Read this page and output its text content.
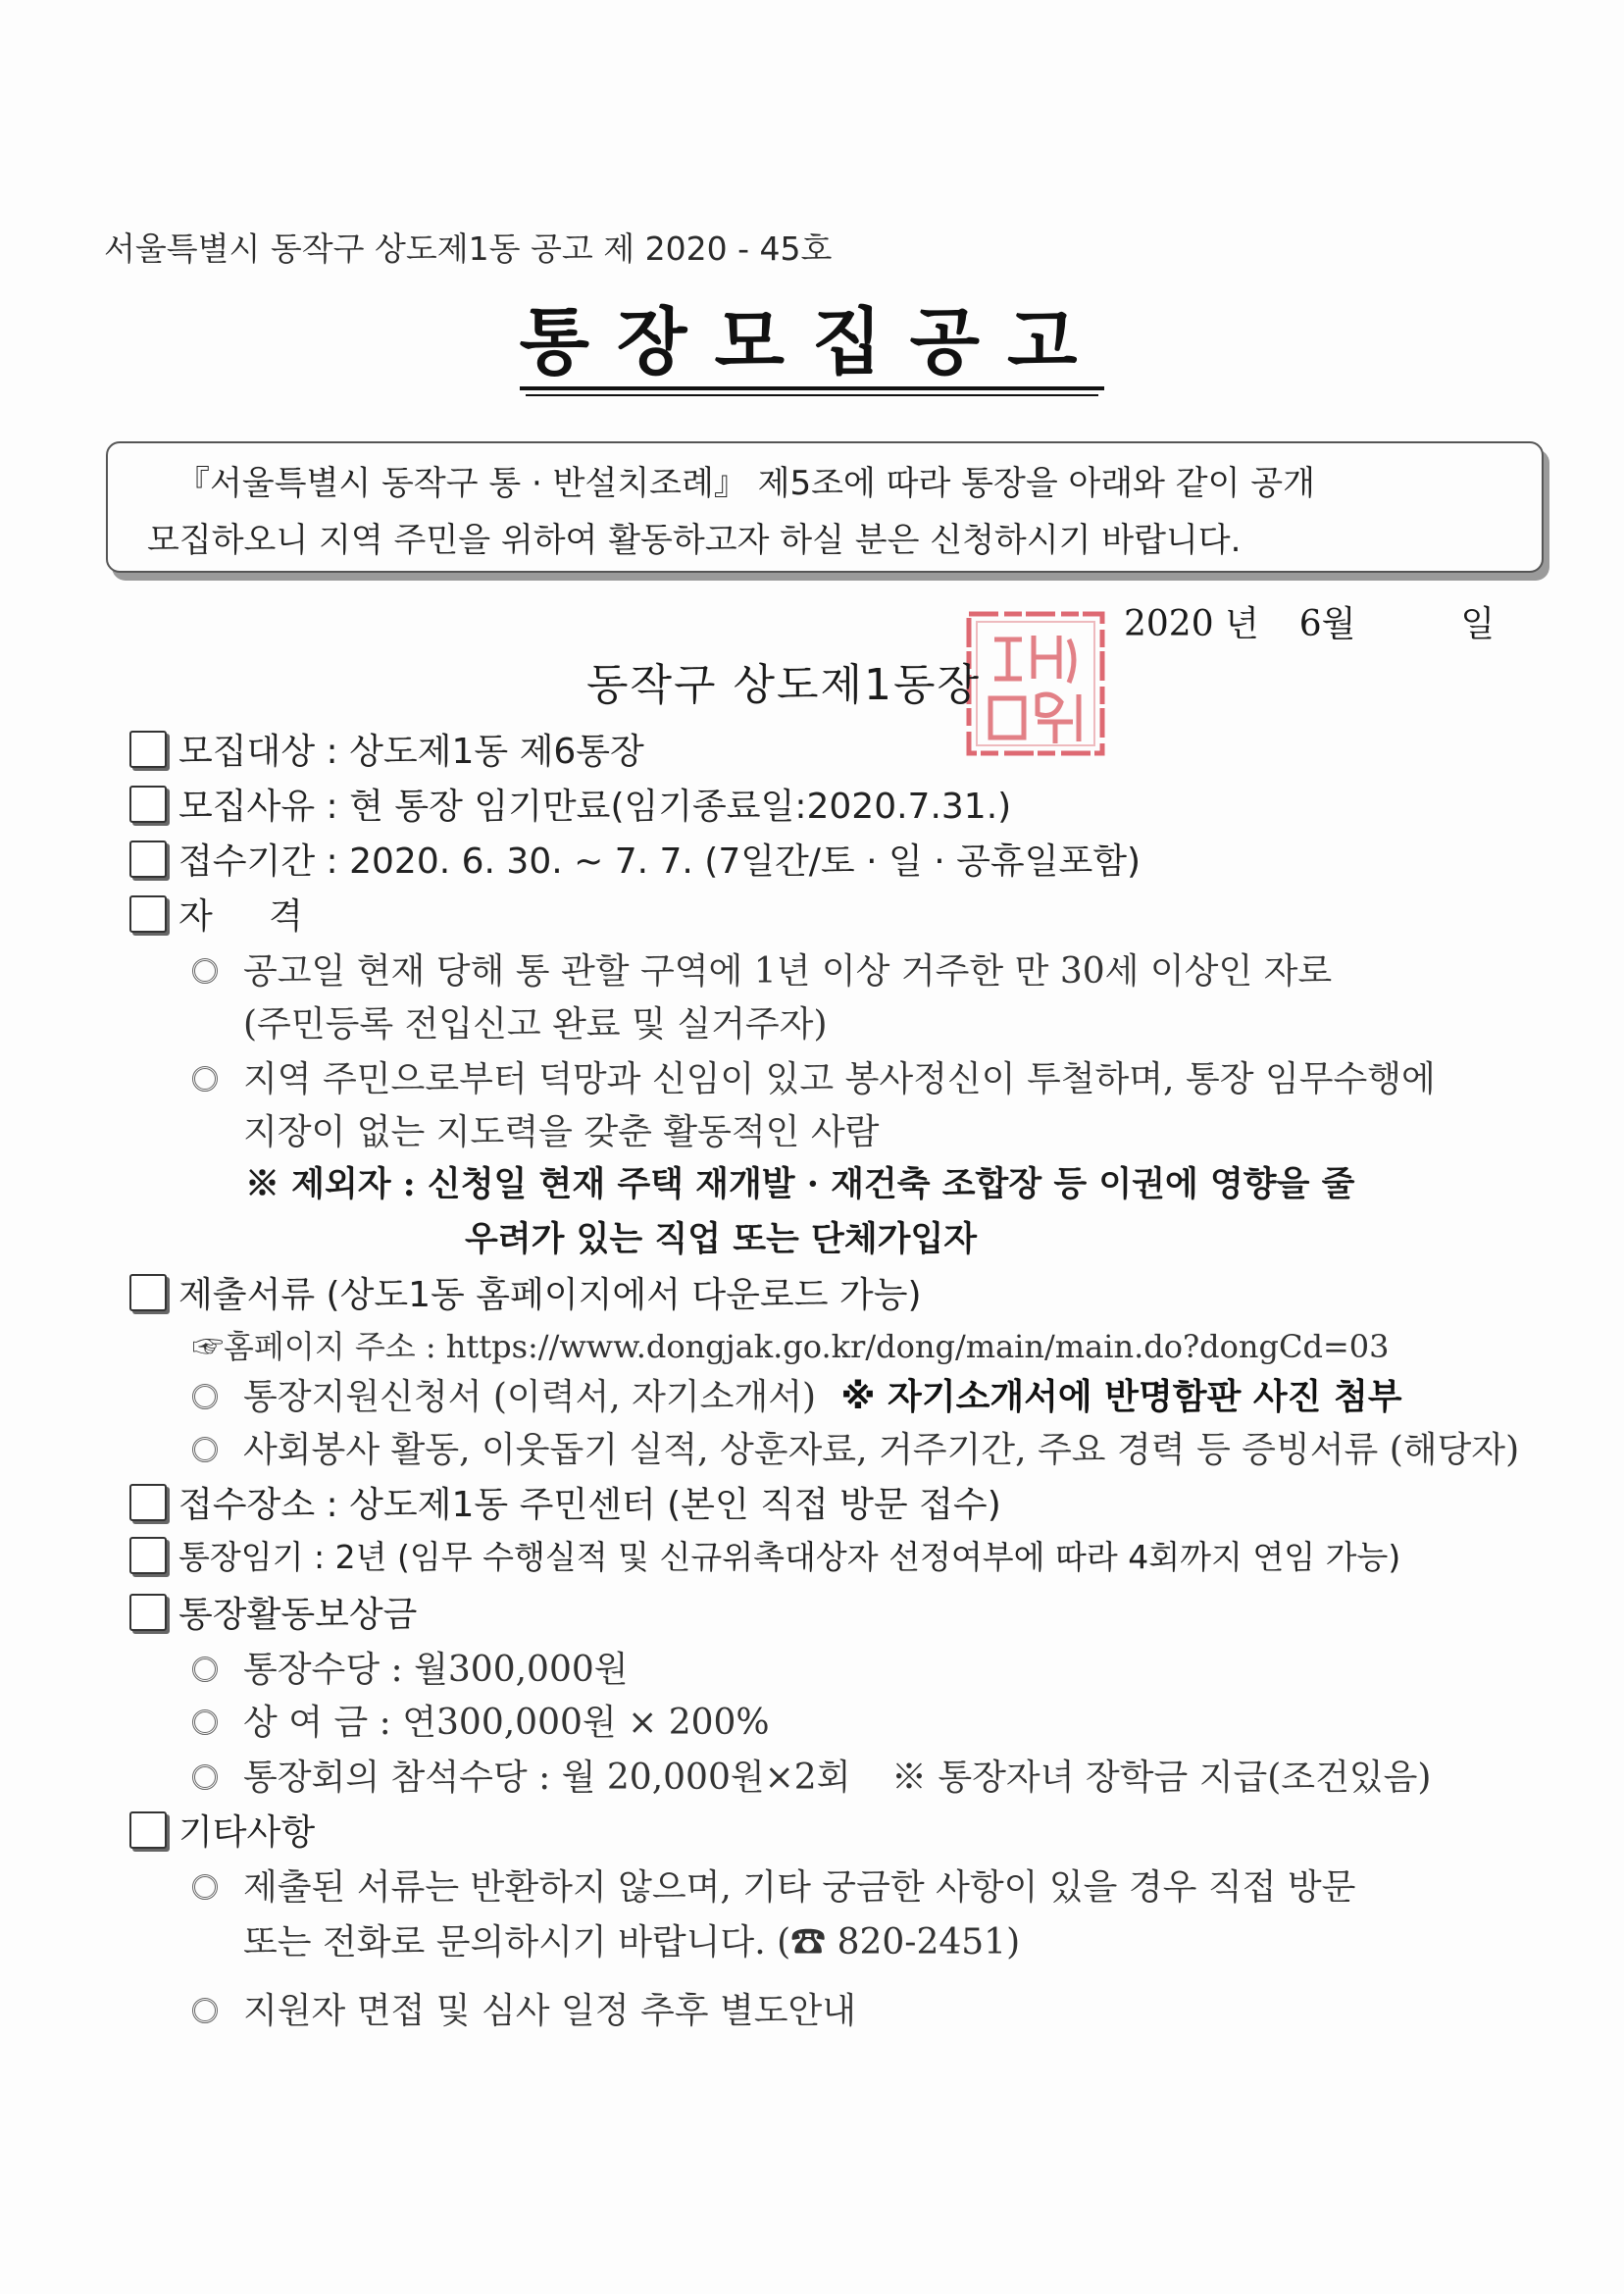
서울특별시 동작구 상도제1동 공고 제 2020 - 45호
통장모집공고
『서울특별시 동작구 통 · 반설치조례』 제5조에 따라 통장을 아래와 같이 공개
모집하오니 지역 주민을 위하여 활동하고자 하실 분은 신청하시기 바랍니다.
2020 년 6월	일
동작구 상도제1동장
모집대상 : 상도제1동 제6통장
모집사유 : 현 통장 임기만료(임기종료일:2020.7.31.)
접수기간 : 2020. 6. 30. ~ 7. 7. (7일간/토 · 일 · 공휴일포함)
자     격
공고일 현재 당해 통 관할 구역에 1년 이상 거주한 만 30세 이상인 자로
(주민등록 전입신고 완료 및 실거주자)
지역 주민으로부터 덕망과 신임이 있고 봉사정신이 투철하며, 통장 임무수행에
지장이 없는 지도력을 갖춘 활동적인 사람
※ 제외자 : 신청일 현재 주택 재개발 · 재건축 조합장 등 이권에 영향을 줄
우려가 있는 직업 또는 단체가입자
제출서류 (상도1동 홈페이지에서 다운로드 가능)
☞홈페이지 주소 : https://www.dongjak.go.kr/dong/main/main.do?dongCd=03
통장지원신청서 (이력서, 자기소개서) ※ 자기소개서에 반명함판 사진 첨부
사회봉사 활동, 이웃돕기 실적, 상훈자료, 거주기간, 주요 경력 등 증빙서류 (해당자)
접수장소 : 상도제1동 주민센터 (본인 직접 방문 접수)
통장임기 : 2년 (임무 수행실적 및 신규위촉대상자 선정여부에 따라 4회까지 연임 가능)
통장활동보상금
통장수당 : 월300,000원
상 여 금 : 연300,000원 × 200%
통장회의 참석수당 : 월 20,000원×2회 ※ 통장자녀 장학금 지급(조건있음)
기타사항
제출된 서류는 반환하지 않으며, 기타 궁금한 사항이 있을 경우 직접 방문
또는 전화로 문의하시기 바랍니다. (☎ 820-2451)
지원자 면접 및 심사 일정 추후 별도안내
